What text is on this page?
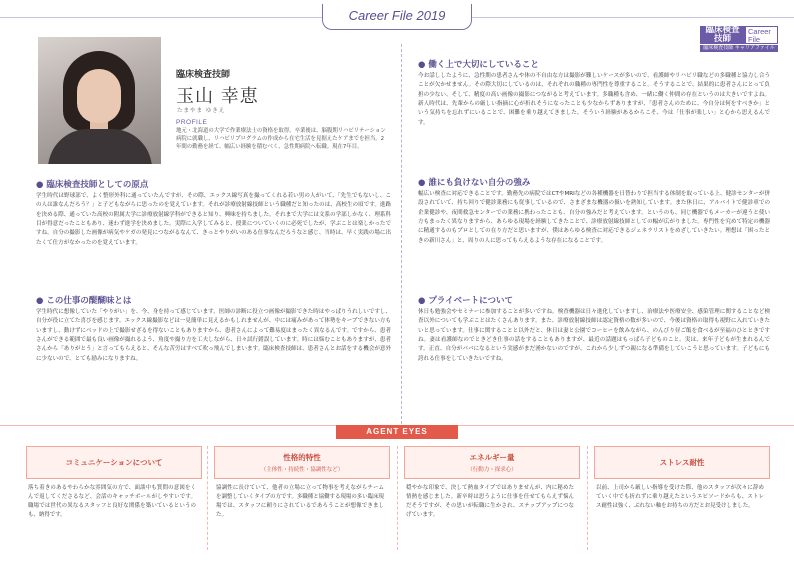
Career File 2019
臨床検査
技師
Career
File
臨床検査技師 キャリアファイル
臨床検査技師
玉山 幸恵
たまやま ゆきえ
PROFILE
地元・北海道の大学で作業療法士の資格を取得。卒業後は、脳腹期リハビリテーション病院に就職し、リハビリプログラムの作成から在宅生活を見据えたケアまでを担当。2年間の勤務を経て、幅広い経験を積むべく、急性期病院へ転職。現在7年目。
● 臨床検査技師としての原点
学生時代は野球部で、よく整形外科に通っていたんですが、その際、エックス線写真を撮ってくれる若い男の人がいて、「先生でもないし、この人は誰なんだろう？」と子どもながらに思ったのを覚えています。それが診療放射線技師という職種だと知ったのは、高校生の頃です。進路を決める際、通っていた高校の附属大学に診療放射線学科ができると知り、興味を持ちました。それまで大学には文系の学部しかなく、理系科目が得意だったこともあり、迷わず進学を決めました。実際に入学してみると、授業についていくのに必死でしたが、学ぶことは楽しかったですね。自分の撮影した画像が病気やケガの発見につながるなんて、きっとやりがいのある仕事なんだろうなと感じ、当時は、早く実践の場に出たくて仕方がなかったのを覚えています。
● この仕事の醍醐味とは
学生時代に想像していた「やりがい」を、今、身を持って感じています。医師の診断に役立つ画像が撮影できた時はやっぱりうれしいですし、自分が役に立てた喜びを感じます。エックス線撮影などは一見簡単に見えるかもしれませんが、中には痛みがあって体勢をキープできない方もいますし、動けずにベッドの上で撮影せざるを得ないこともありますから、患者さんによって難易度はまったく異なるんです。ですから、患者さんができる範囲で最も良い画像が撮れるよう、角度や撮り方を工夫しながら、日々試行錯誤しています。時には悩むこともありますが、患者さんから「ありがとう」と言ってもらえると、そんな苦労はすべて吹っ飛んでしまいます。臨床検査技師は、患者さんとお話をする機会が意外に少ないので、とても励みになりますね。
● 働く上で大切にしていること
今お話ししたように、急性期の患者さんや体の不自由な方は撮影が難しいケースが多いので、看護師やリハビリ職などの多職種と協力し合うことが欠かせません。その際大切にしているのは、それぞれの職種の専門性を尊重すること。そうすることで、結果的に患者さんにとって負担の少ない、そして、精度の高い画像の撮影につながると考えています。多職種も含め、一緒に働く仲間の存在というのは大きいですよね。新人時代は、先輩からの厳しい指摘に心が折れそうになったことも少なからずありますが、「患者さんのために、今自分は何をすべきか」という気持ちを忘れずにいることで、困難を乗り越えてきました。そういう経験があるからこそ、今は「仕事が楽しい」と心から思えるんです。
● 誰にも負けない自分の強み
幅広い検査に対応できることです。勤務先の病院ではCTやMRIなどの各種機器を日替わりで担当する体制を取っている上、健診センターが併設されていて、持ち回りで健診業務にも従事しているので、さまざまな機器の扱いを熟知しています。また休日に、アルバイトで健診車での企業健診や、夜間救急センターでの業務に携わったことも、自分の強みだと考えています。というのも、同じ機器でもメーカーが違うと使い方もまったく異なりますから、あらゆる現場を経験してきたことで、診療放射線技師としての幅が広がりました。専門性を究めて特定の機器に精通するのもプロとしての在り方だと思いますが、僕はあらゆる検査に対応できるジェネラリストをめざしていきたい。理想は「困ったときの新川さん」と、周りの人に思ってもらえるような存在になることです。
● プライベートについて
休日も勉強会やセミナーに参加することが多いですね。検査機器は日々進化していますし、治療法や医療安全、感染管理に関することなど検査以外についても学ぶことはたくさんあります。また、診療放射線技師は認定資格の数が多いので、今後は資格の取得も視野に入れていきたいと思っています。仕事に関することと以外だと、休日は妻と公園でコーヒーを飲みながら、のんびり昼ご飯を食べるが至福のひとときですね。妻は看護師なのでときどき仕事の話をすることもありますが、最近の話題はもっぱら子どものこと。実は、来年子どもが生まれるんです。正直、自分がパパになるという実感がまだ湧かないのですが、これから少しずつ親になる準備をしていこうと思っています。子どもにも誇れる仕事をしていきたいですね。
AGENT EYES
コミュニケーションについて
落ち着きのあるやわらかな雰囲気の方で、面談中も質問の意図をくんで返してくださるなど、会話のキャッチボールがしやすいです。職場では世代の異なるスタッフと良好な関係を築いているというのも、納得です。
性格的特性
（主体性・持続性・協調性など）
協調性に長けていて、他者の立場に立って物事を考えながらチームを調整していくタイプの方です。多職種と協働する現場の多い臨床現場では、スタッフに頼りにされているであろうことが想像できました。
エネルギー量
（行動力・探求心）
穏やかな印象で、決して熱血タイプではありませんが、内に秘めた情熱を感じました。新卒時は思うように仕事を任せてもらえず悩んだそうですが、その思いが転職に生かされ、ステップアップにつなげています。
ストレス耐性
以前、上司から厳しい指導を受けた際、他のスタッフが次々に辞めていく中でも折れずに乗り越えたというエピソードからも、ストレス耐性は強く、ぶれない軸をお持ちの方だとお見受けしました。
